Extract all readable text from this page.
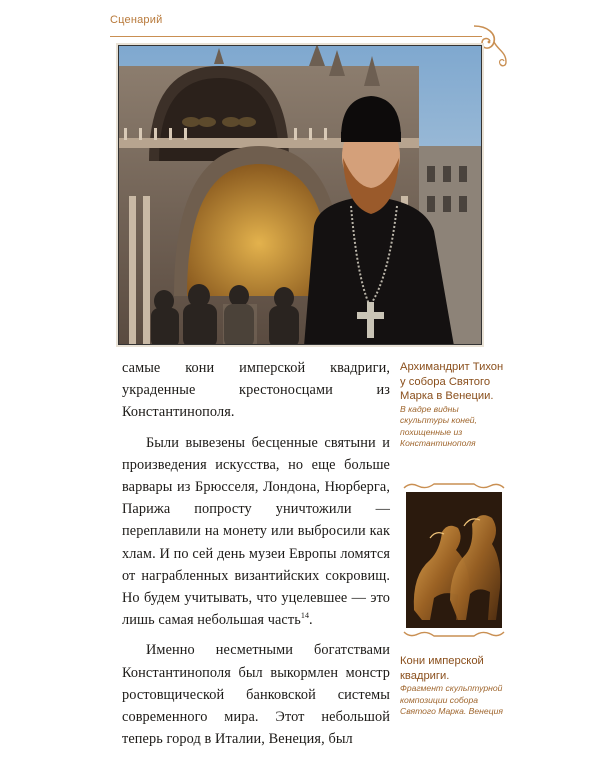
Сценарий

самые кони имперской квадриги, украденные крестоносцами из Константинополя.

Были вывезены бесценные святыни и произведения искусства, но еще больше варвары из Брюсселя, Лондона, Нюрберга, Парижа попросту уничтожили — переплавили на монету или выбросили как хлам. И по сей день музеи Европы ломятся от награбленных византийских сокровищ. Но будем учитывать, что уцелевшее — это лишь самая небольшая часть$^{14}$.

Именно несметными богатствами Константинополя был выкормлен монстр ростовщической банковской системы современного мира. Этот небольшой теперь город в Италии, Венеция, был

Архимандрит Тихон у собора Святого Марка в Венеции.
В кадре видны скульптуры коней, похищенные из Константинополя
Кони имперской квадриги.
Фрагмент скульптурной композиции собора Святого Марка. Венеция
